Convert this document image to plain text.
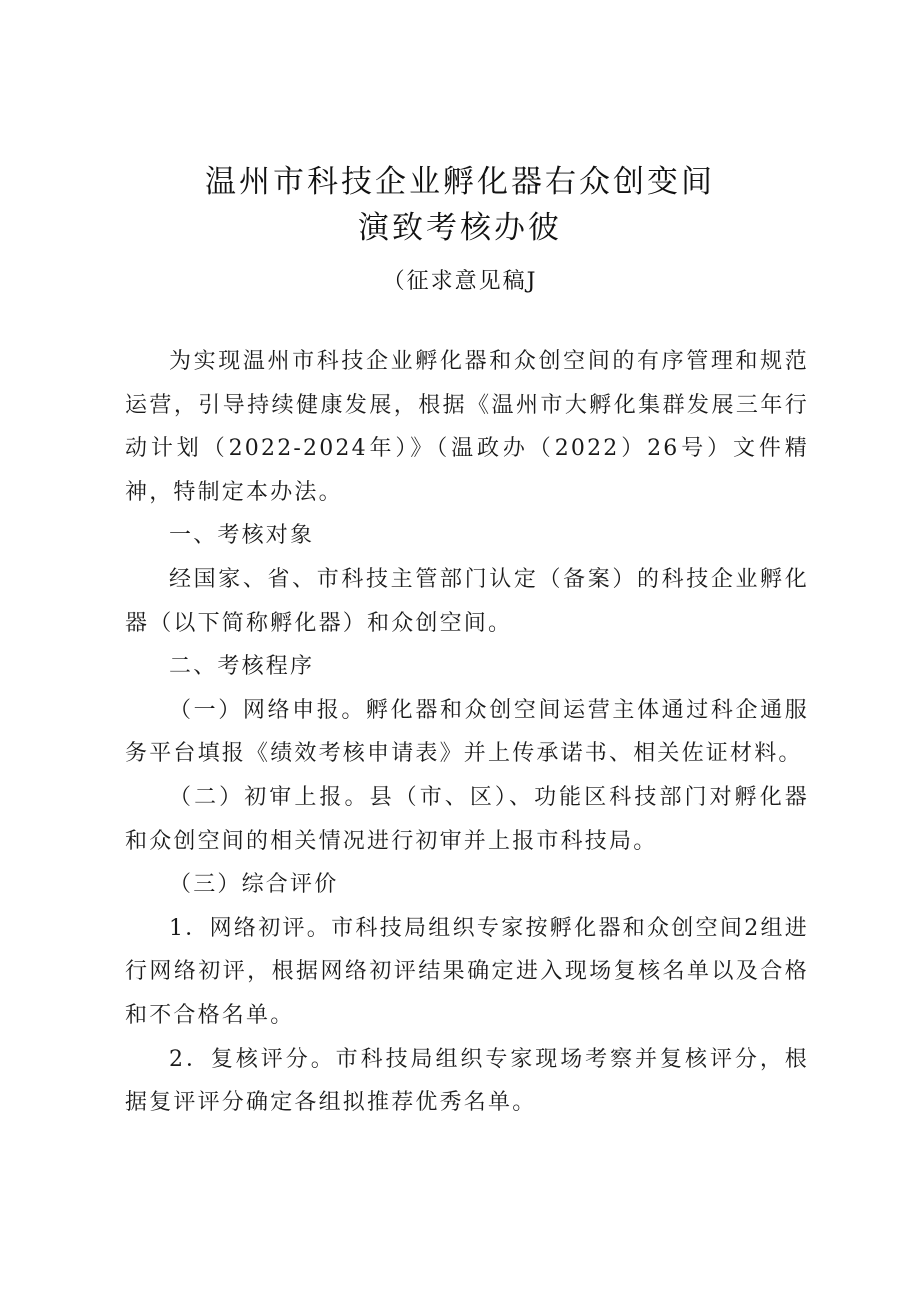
温州市科技企业孵化器右众创变间
演致考核办彼
（征求意见稿J

为实现温州市科技企业孵化器和众创空间的有序管理和规范运营，引导持续健康发展，根据《温州市大孵化集群发展三年行动计划（2022-2024年）》（温政办（2022）26号）文件精神，特制定本办法。

一、考核对象

经国家、省、市科技主管部门认定（备案）的科技企业孵化器（以下简称孵化器）和众创空间。

二、考核程序

（一）网络申报。孵化器和众创空间运营主体通过科企通服务平台填报《绩效考核申请表》并上传承诺书、相关佐证材料。

（二）初审上报。县（市、区）、功能区科技部门对孵化器和众创空间的相关情况进行初审并上报市科技局。

（三）综合评价

1．网络初评。市科技局组织专家按孵化器和众创空间2组进行网络初评，根据网络初评结果确定进入现场复核名单以及合格和不合格名单。

2．复核评分。市科技局组织专家现场考察并复核评分，根据复评评分确定各组拟推荐优秀名单。
